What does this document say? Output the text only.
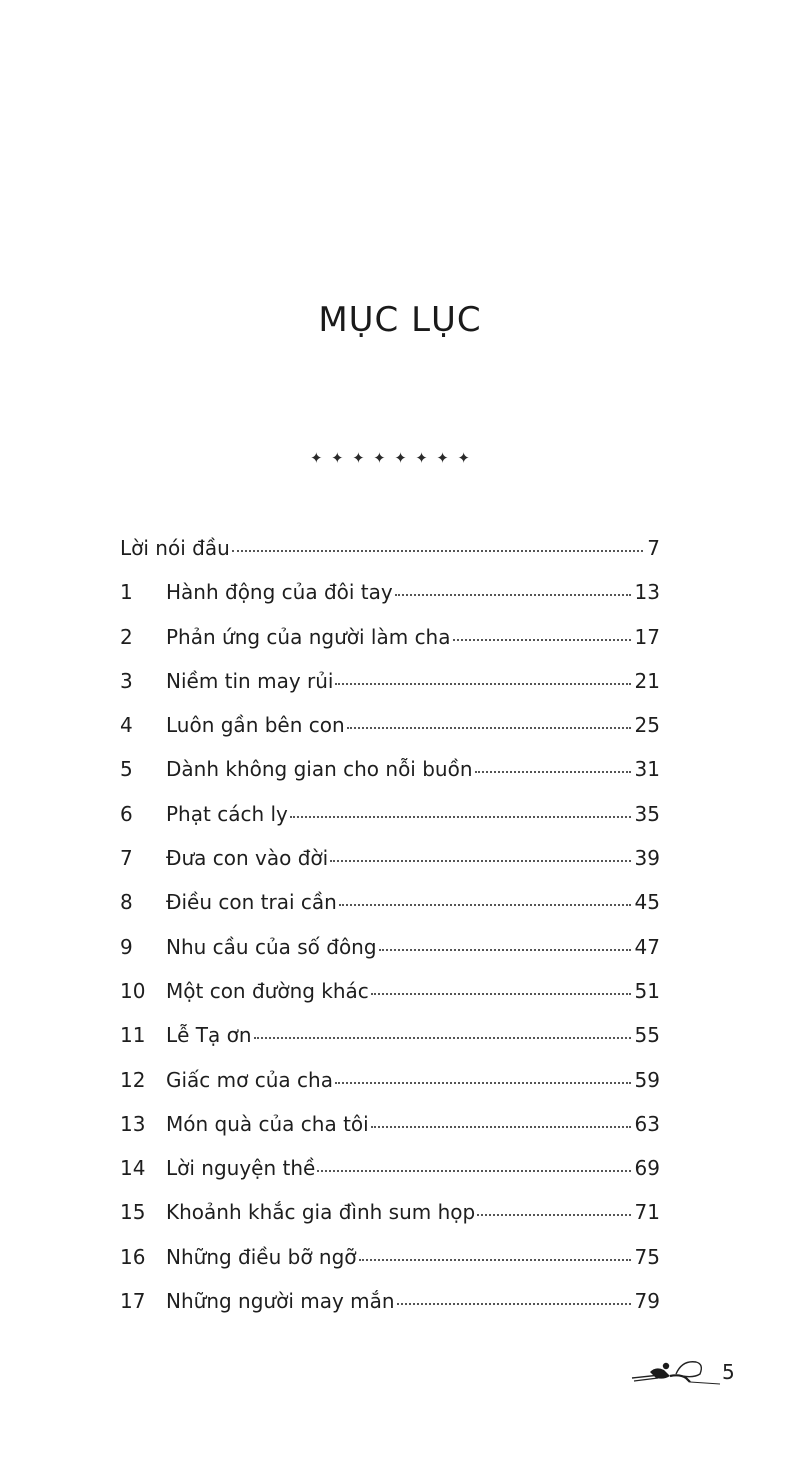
MỤC LỤC
✦ ✦ ✦ ✦ ✦ ✦ ✦ ✦
Lời nói đầu	7
1	Hành động của đôi tay	13
2	Phản ứng của người làm cha	17
3	Niềm tin may rủi	21
4	Luôn gần bên con	25
5	Dành không gian cho nỗi buồn	31
6	Phạt cách ly	35
7	Đưa con vào đời	39
8	Điều con trai cần	45
9	Nhu cầu của số đông	47
10	Một con đường khác	51
11	Lễ Tạ ơn	55
12	Giấc mơ của cha	59
13	Món quà của cha tôi	63
14	Lời nguyện thề	69
15	Khoảnh khắc gia đình sum họp	71
16	Những điều bỡ ngỡ	75
17	Những người may mắn	79
5
